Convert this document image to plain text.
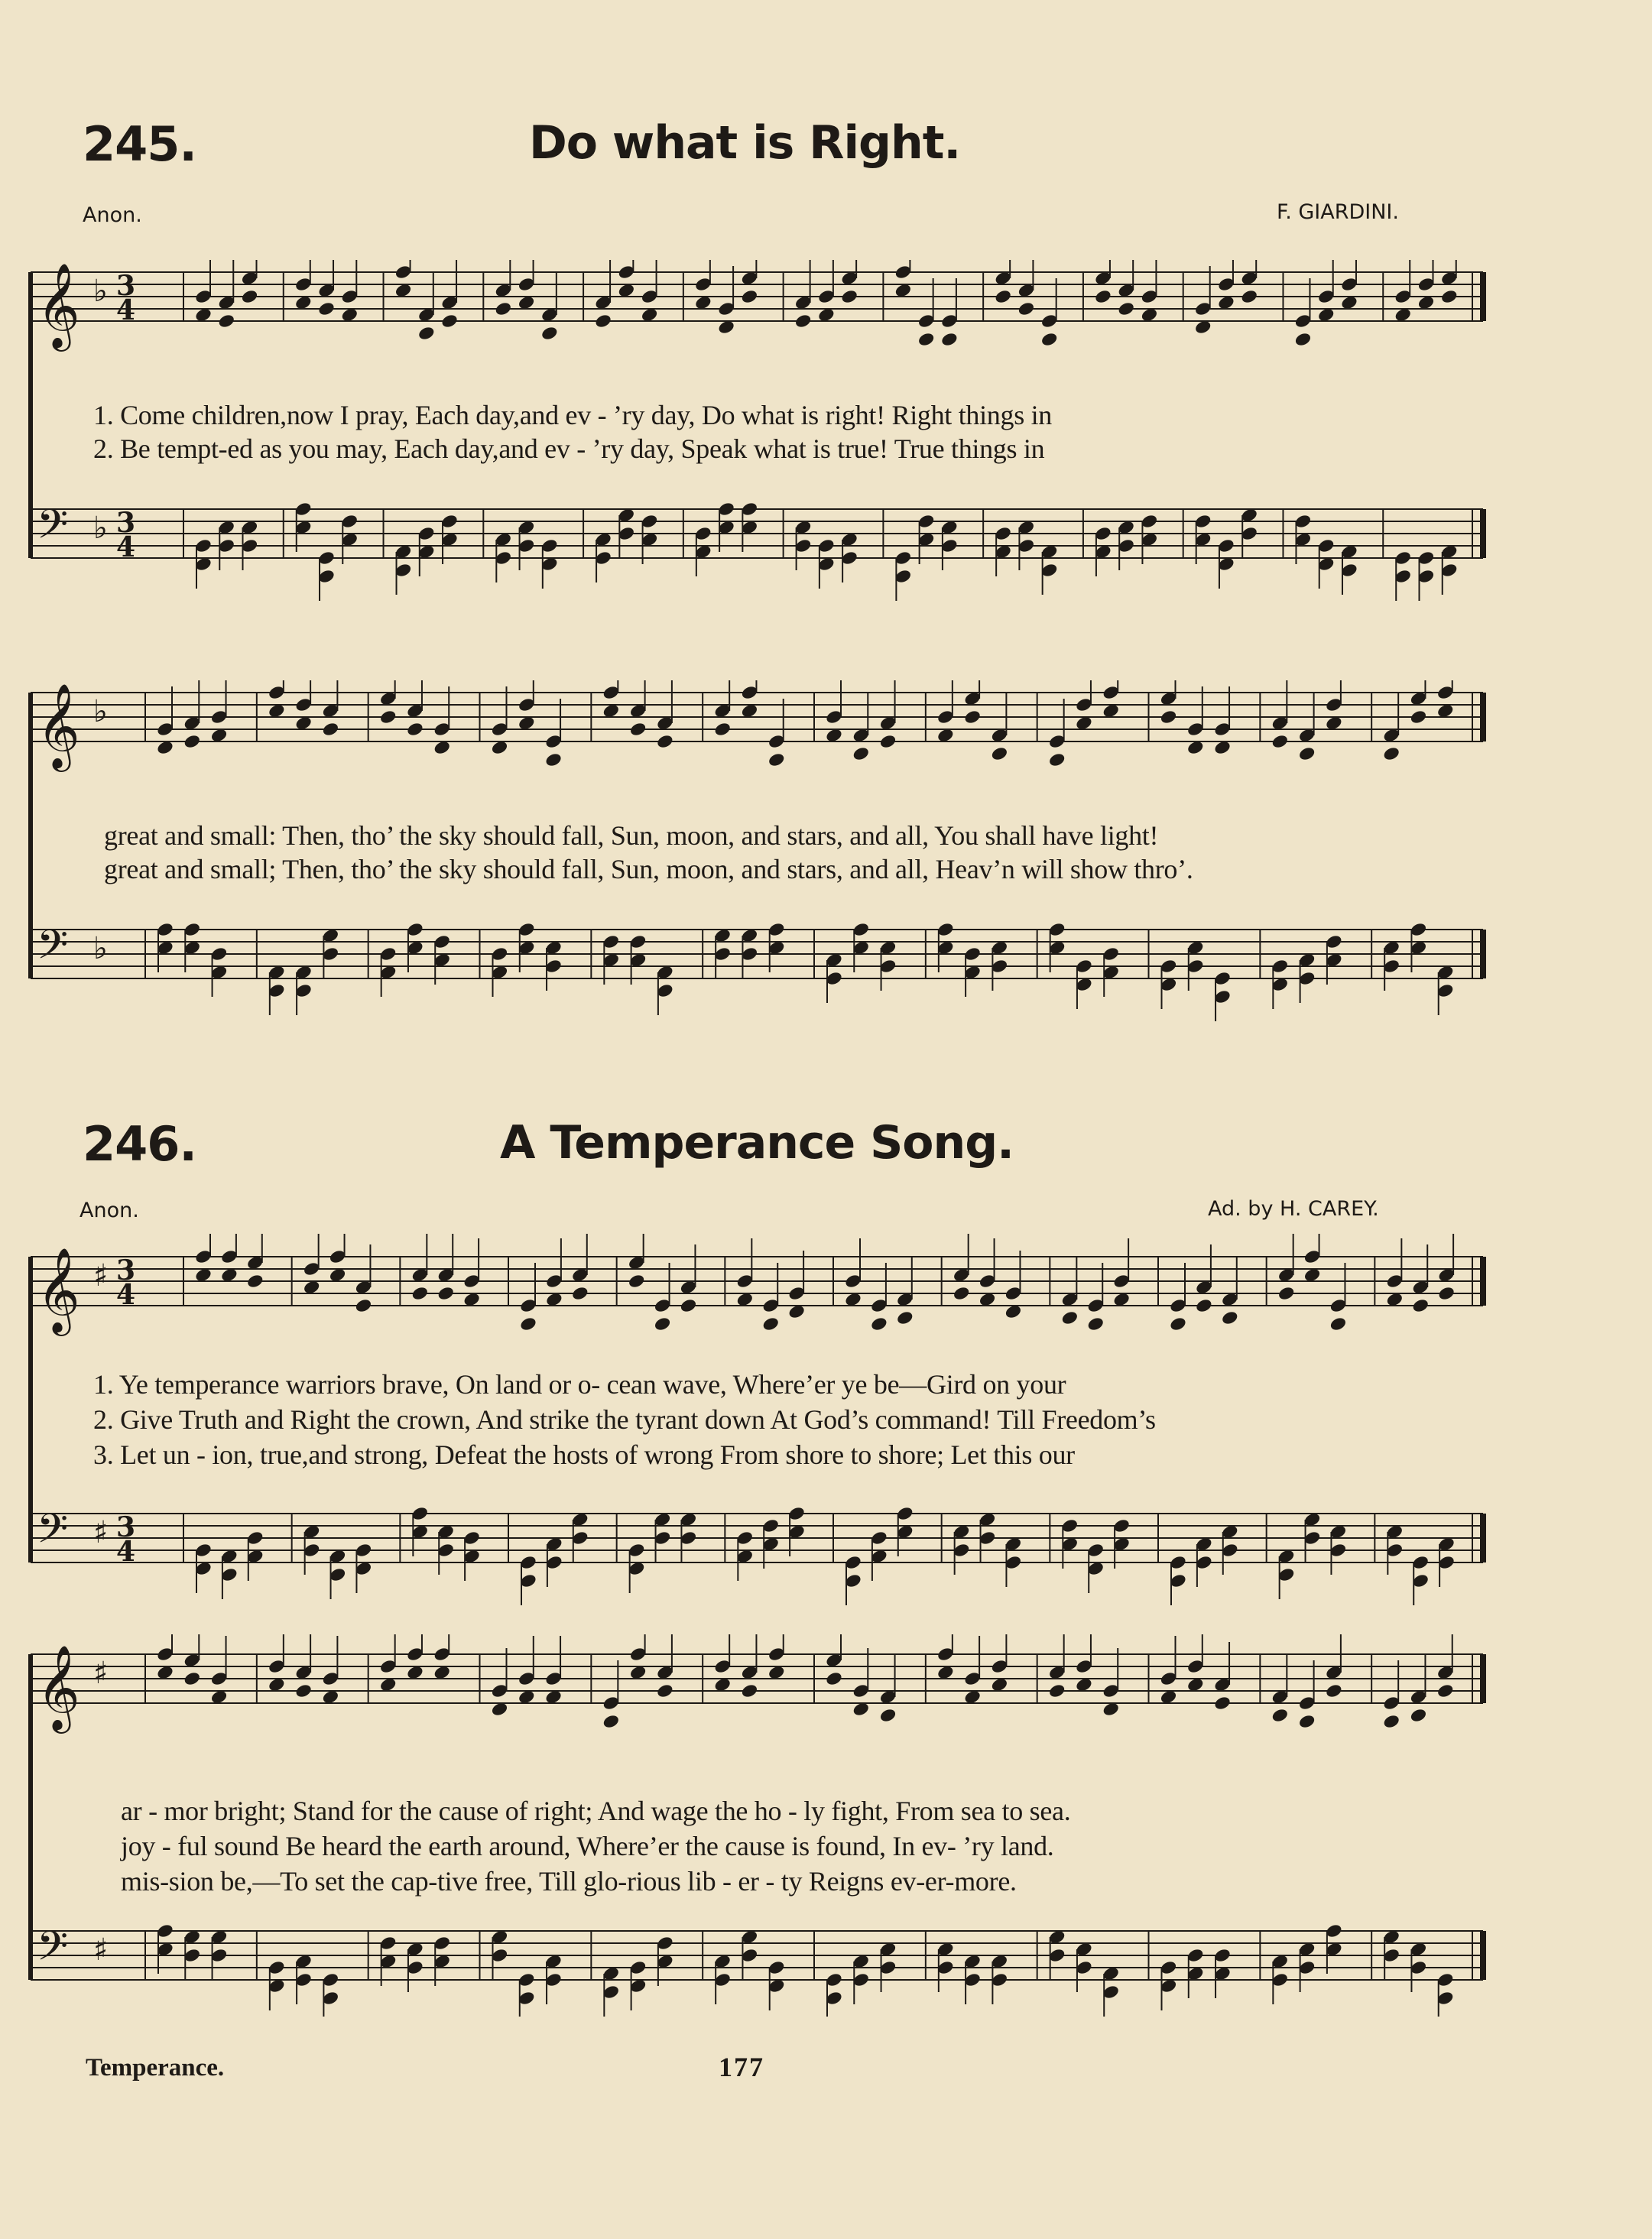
245.	Do what is Right.
Anon.	F. GIARDINI.
𝄞 ♭ 3
4
𝄢 ♭ 3
4
1. Come children,now I pray, Each day,and ev - ’ry day, Do what is right! Right things in
2. Be tempt-ed as you may, Each day,and ev - ’ry day, Speak what is true! True things in
𝄞 ♭
𝄢 ♭
great and small: Then, tho’ the sky should fall, Sun, moon, and stars, and all, You shall have light!
great and small; Then, tho’ the sky should fall, Sun, moon, and stars, and all, Heav’n will show thro’.
246.	A Temperance Song.
Anon.	Ad. by H. CAREY.
𝄞 ♯ 3
4
𝄢 ♯ 3
4
1. Ye temperance warriors brave, On land or o- cean wave, Where’er ye be—Gird on your
2. Give Truth and Right the crown, And strike the tyrant down At God’s command! Till Freedom’s
3. Let un - ion, true,and strong, Defeat the hosts of wrong From shore to shore; Let this our
𝄞 ♯
𝄢 ♯
ar - mor bright; Stand for the cause of right; And wage the ho - ly fight, From sea to sea.
joy - ful sound Be heard the earth around, Where’er the cause is found, In ev- ’ry land.
mis-sion be,—To set the cap-tive free, Till glo-rious lib - er - ty Reigns ev-er-more.
Temperance.	177
